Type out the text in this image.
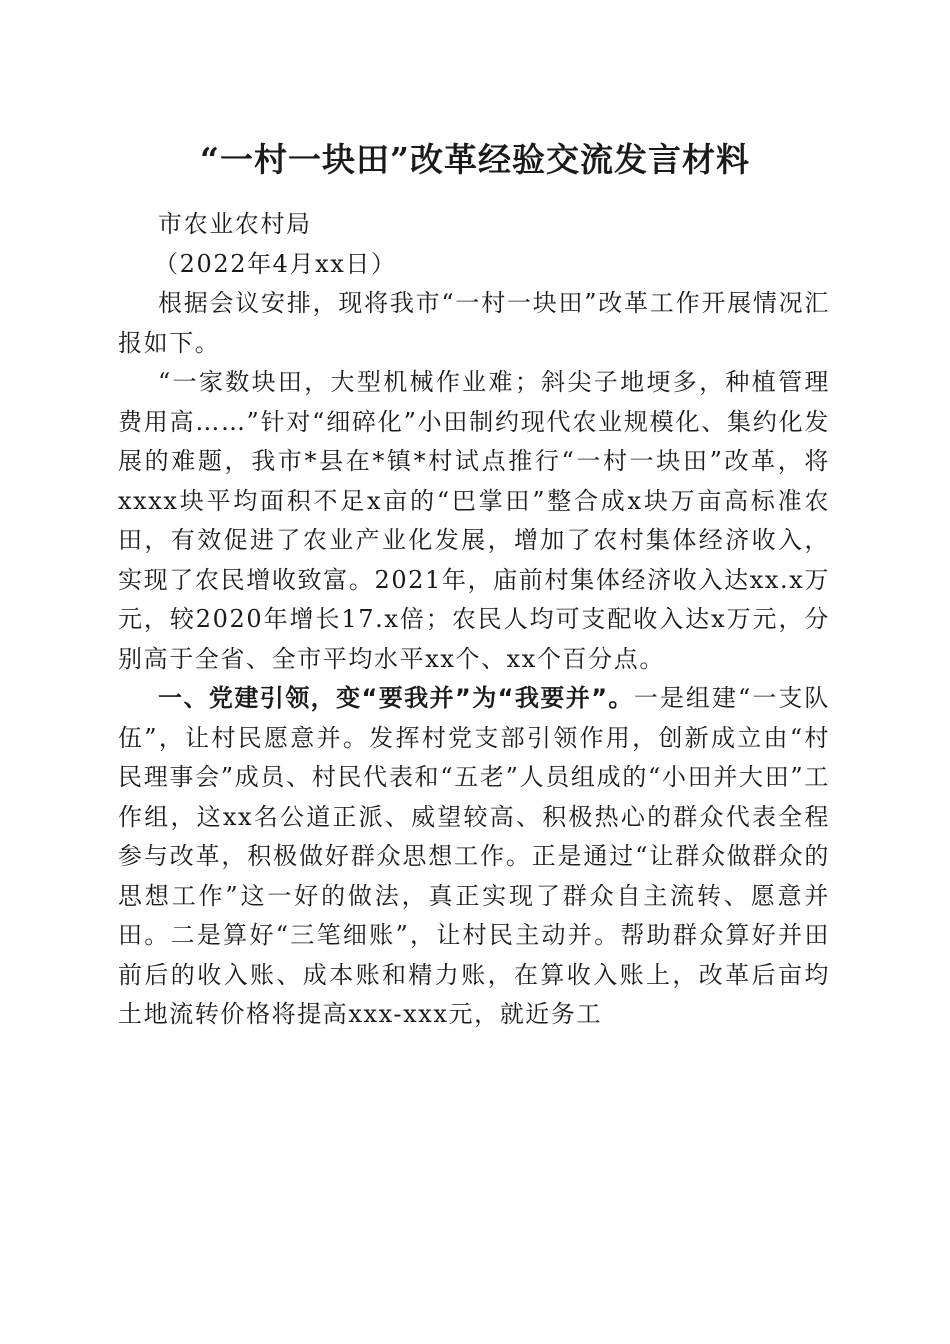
“一村一块田”改革经验交流发言材料

市农业农村局

（2022年4月xx日）

根据会议安排，现将我市“一村一块田”改革工作开展情况汇报如下。

“一家数块田，大型机械作业难；斜尖子地埂多，种植管理费用高……”针对“细碎化”小田制约现代农业规模化、集约化发展的难题，我市*县在*镇*村试点推行“一村一块田”改革，将xxxx块平均面积不足x亩的“巴掌田”整合成x块万亩高标准农田，有效促进了农业产业化发展，增加了农村集体经济收入，实现了农民增收致富。2021年，庙前村集体经济收入达xx.x万元，较2020年增长17.x倍；农民人均可支配收入达x万元，分别高于全省、全市平均水平xx个、xx个百分点。

一、党建引领，变“要我并”为“我要并”。一是组建“一支队伍”，让村民愿意并。发挥村党支部引领作用，创新成立由“村民理事会”成员、村民代表和“五老”人员组成的“小田并大田”工作组，这xx名公道正派、威望较高、积极热心的群众代表全程参与改革，积极做好群众思想工作。正是通过“让群众做群众的思想工作”这一好的做法，真正实现了群众自主流转、愿意并田。二是算好“三笔细账”，让村民主动并。帮助群众算好并田前后的收入账、成本账和精力账，在算收入账上，改革后亩均土地流转价格将提高xxx-xxx元，就近务工
